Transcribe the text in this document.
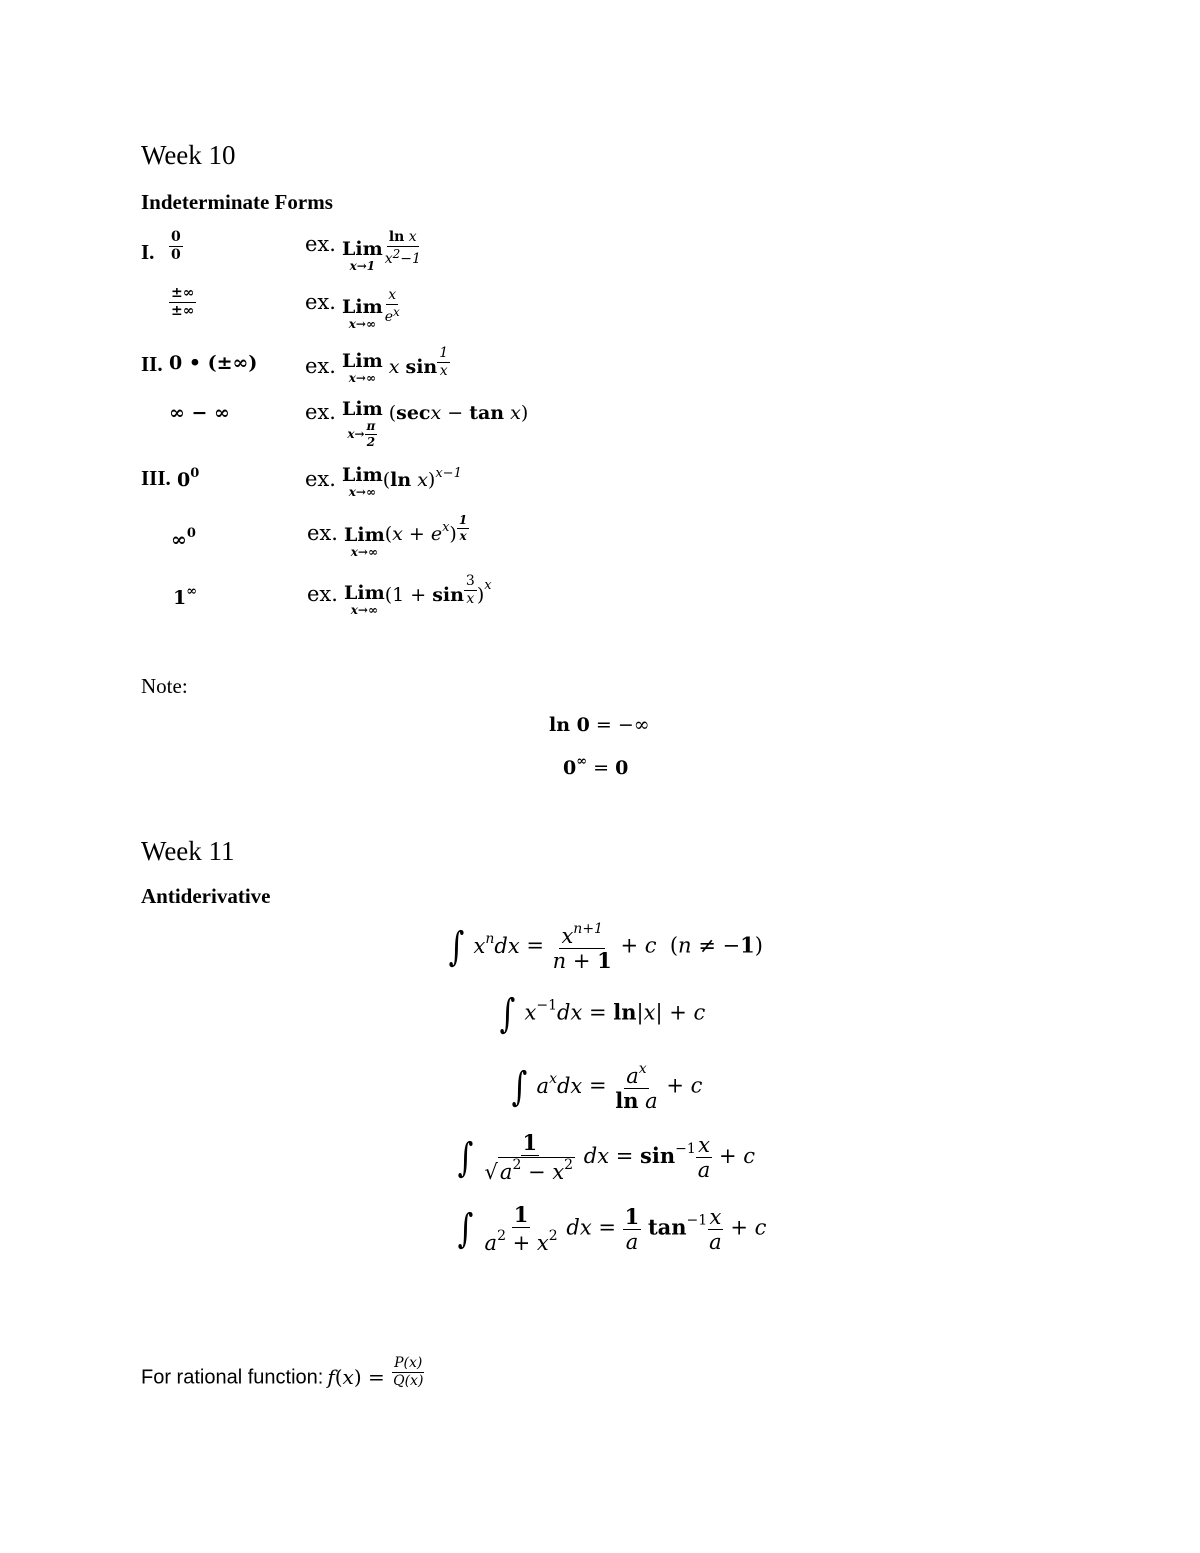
Week 10
Indeterminate Forms
I. $\frac{0}{0}$	ex. Lim
$x\to 1 \frac{\text{ln x}}{x2-1}$
$\frac{\pm\infty}{\pm\infty}$	ex. Lim
$x\to\infty \frac{x}{ex}$
II. 0 • (±∞) ex. Lim
x→∞ x $\sin \frac{1}{x}$
∞ − ∞	ex. Lim
$x\to \frac{\pi}{2}$
(secx − tan x)
III. $0^0$	ex. Lim
x→∞
(ln x)$^{x-1}$
∞$^0$	ex. Lim
x→∞
$(x + e^x) \frac{1}{x}$
1∞	ex. Lim
x→∞
$(1 + \sin \frac{3}{x} )^x$
Note:
ln 0 = −∞
0∞ = 0
Week 11
Antiderivative
∫ $x^ndx = \frac{x^{n+1}}{n + 1} + c$  (n ≠ −1)
∫ $x^{-1}dx = \ln|x| + c$
∫ $a^xdx = \frac{a^x}{\text{ln a}} + c$
∫ $\frac{1}{√ a^2 - x^2}$ dx = $\sin^{-1} \frac{x}{a} + c$
∫ $\frac{1}{a^2 + x^2}$ dx = $\frac{1}{a} \tan^{-1} \frac{x}{a} + c$
For rational function: $f(x) = \frac{P(x)}{Q(x)}$
